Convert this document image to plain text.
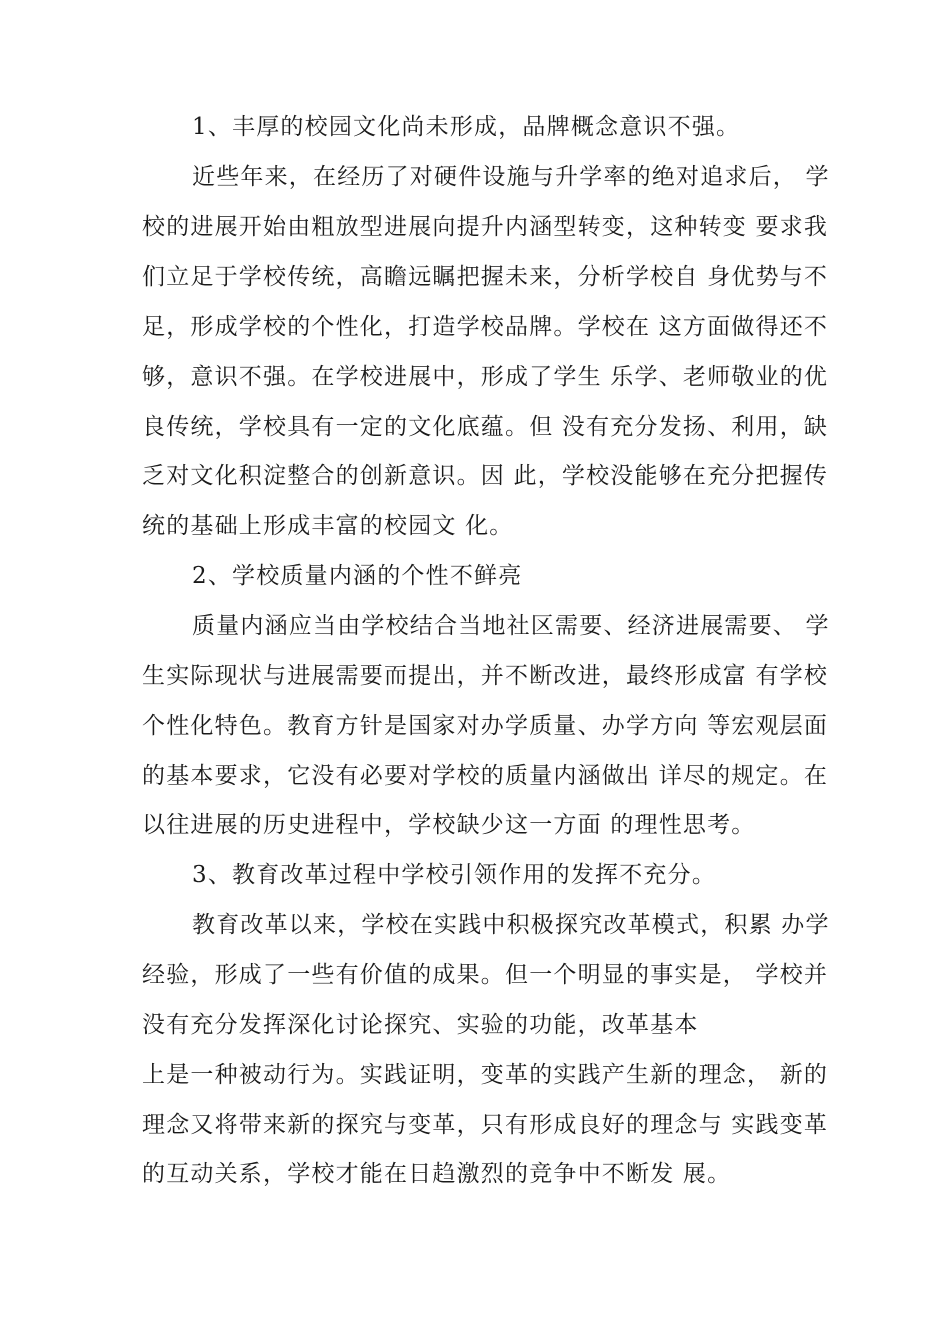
1、丰厚的校园文化尚未形成，品牌概念意识不强。
近些年来，在经历了对硬件设施与升学率的绝对追求后， 学
校的进展开始由粗放型进展向提升内涵型转变，这种转变 要求我
们立足于学校传统，高瞻远瞩把握未来，分析学校自 身优势与不
足，形成学校的个性化，打造学校品牌。学校在 这方面做得还不
够，意识不强。在学校进展中，形成了学生 乐学、老师敬业的优
良传统，学校具有一定的文化底蕴。但 没有充分发扬、利用，缺
乏对文化积淀整合的创新意识。因 此，学校没能够在充分把握传
统的基础上形成丰富的校园文 化。
2、学校质量内涵的个性不鲜亮
质量内涵应当由学校结合当地社区需要、经济进展需要、 学
生实际现状与进展需要而提出，并不断改进，最终形成富 有学校
个性化特色。教育方针是国家对办学质量、办学方向 等宏观层面
的基本要求，它没有必要对学校的质量内涵做出 详尽的规定。在
以往进展的历史进程中，学校缺少这一方面 的理性思考。
3、教育改革过程中学校引领作用的发挥不充分。
教育改革以来，学校在实践中积极探究改革模式，积累 办学
经验，形成了一些有价值的成果。但一个明显的事实是， 学校并
没有充分发挥深化讨论探究、实验的功能，改革基本
上是一种被动行为。实践证明，变革的实践产生新的理念， 新的
理念又将带来新的探究与变革，只有形成良好的理念与 实践变革
的互动关系，学校才能在日趋激烈的竞争中不断发 展。
